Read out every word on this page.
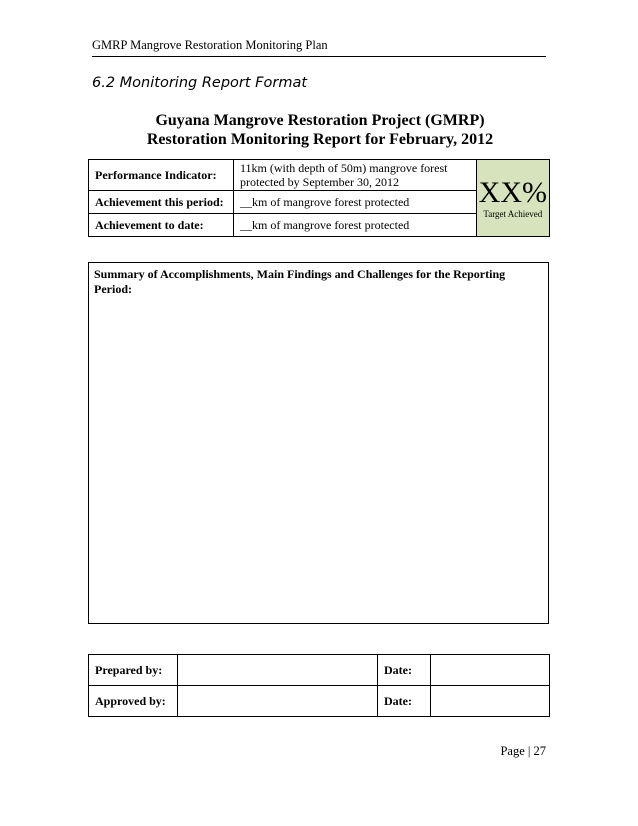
GMRP Mangrove Restoration Monitoring Plan
6.2 Monitoring Report Format
Guyana Mangrove Restoration Project (GMRP)
Restoration Monitoring Report for February, 2012
Performance Indicator:	11km (with depth of 50m) mangrove forest protected by September 30, 2012	XX%
Target Achieved

Achievement this period:	__km of mangrove forest protected	
Achievement to date:	__km of mangrove forest protected	
Summary of Accomplishments, Main Findings and Challenges for the Reporting Period:
Prepared by:		Date:	
Approved by:		Date:	
Page | 27
